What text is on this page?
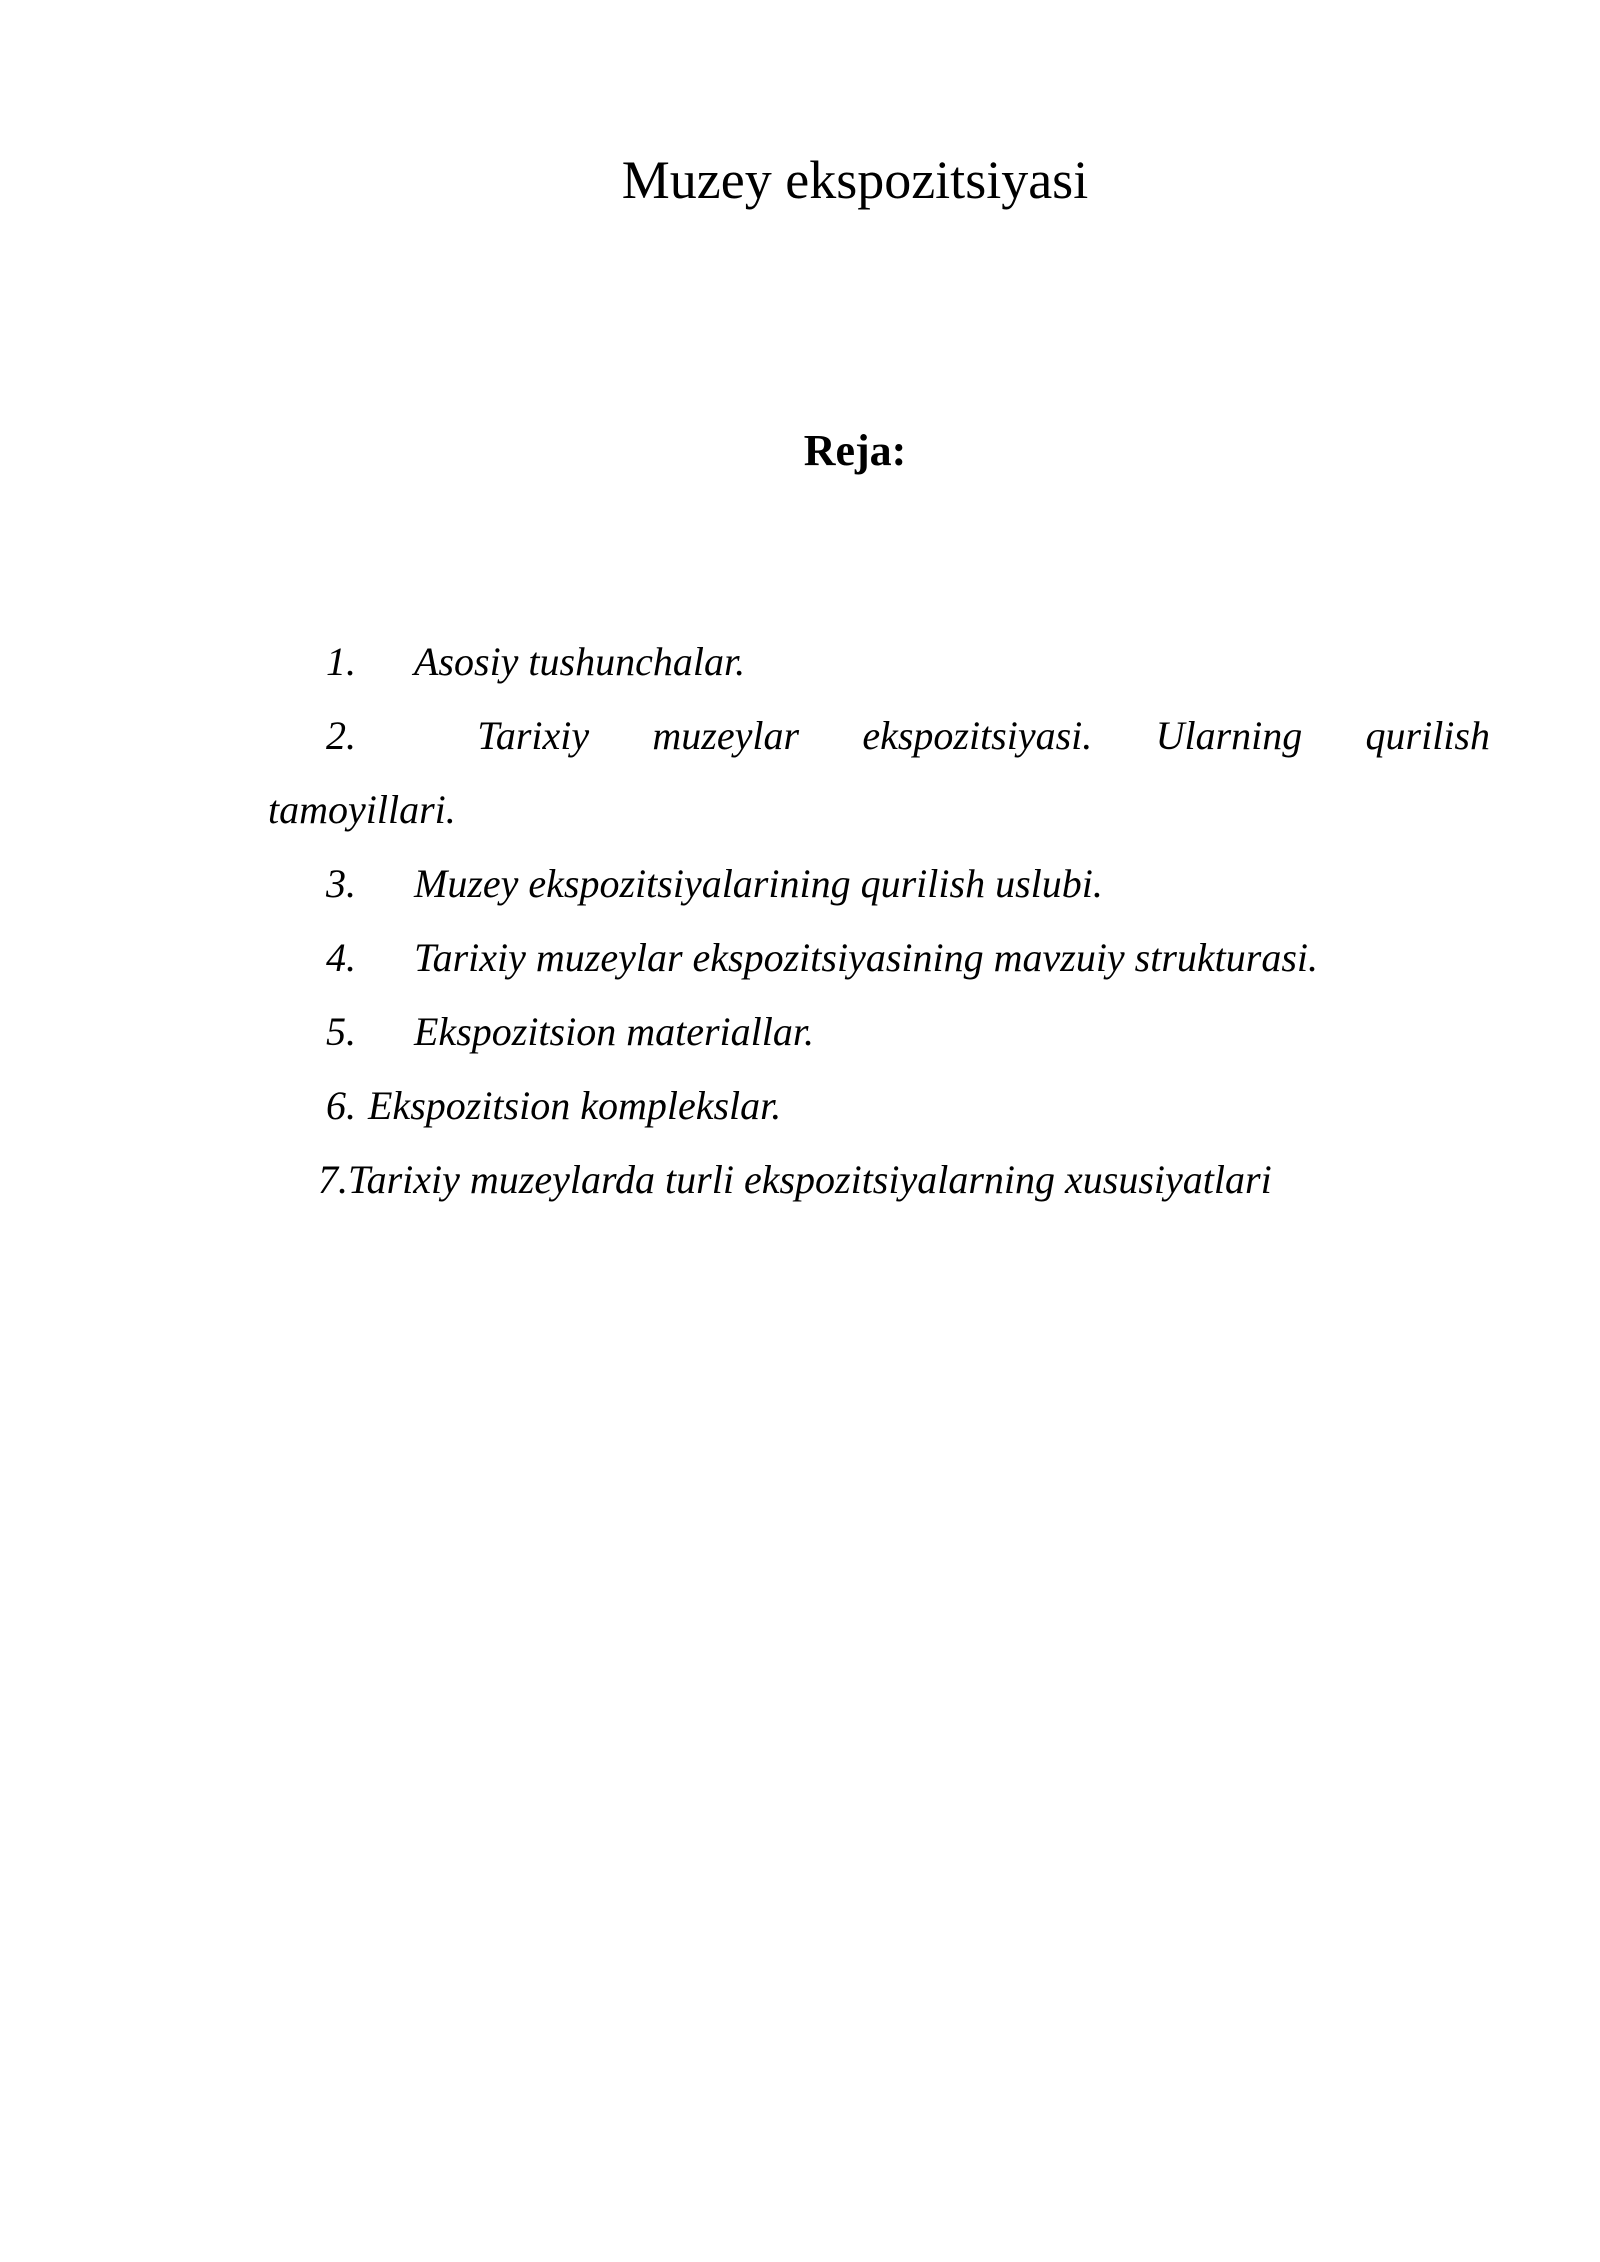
Muzey ekspozitsiyasi
Reja:
1. Asosiy tushunchalar.
2.	Tarixiy muzeylar ekspozitsiyasi. Ularning qurilish
tamoyillari.
3. Muzey ekspozitsiyalarining qurilish uslubi.
4. Tarixiy muzeylar ekspozitsiyasining mavzuiy strukturasi.
5. Ekspozitsion materiallar.
6. Ekspozitsion komplekslar.
7.Tarixiy muzeylarda turli ekspozitsiyalarning xususiyatlari
